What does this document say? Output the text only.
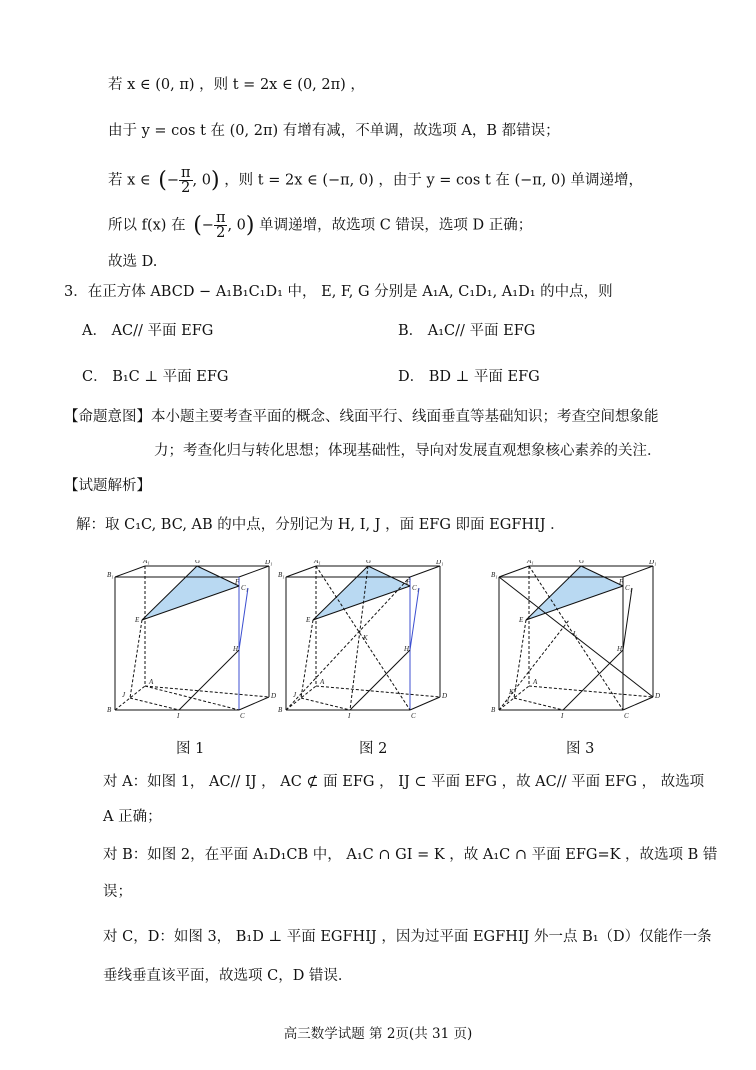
若 x ∈ (0, π) ，则 t = 2x ∈ (0, 2π) ，
由于 y = cos t 在 (0, 2π) 有增有减，不单调，故选项 A，B 都错误；
若 x ∈ (− $\frac{\pi}{2}$ , 0) ，则 t = 2x ∈ (−π, 0) ，由于 y = cos t 在 (−π, 0) 单调递增，
所以 f(x) 在 (− $\frac{\pi}{2}$ , 0) 单调递增，故选项 C 错误，选项 D 正确；
故选 D.
3．在正方体 ABCD − A₁B₁C₁D₁ 中， E, F, G 分别是 A₁A, C₁D₁, A₁D₁ 的中点，则
A． AC// 平面 EFG	B． A₁C// 平面 EFG
C． B₁C ⊥ 平面 EFG	D． BD ⊥ 平面 EFG
【命题意图】本小题主要考查平面的概念、线面平行、线面垂直等基础知识；考查空间想象能
力；考查化归与转化思想；体现基础性，导向对发展直观想象核心素养的关注．
【试题解析】
解：取 C₁C, BC, AB 的中点，分别记为 H, I, J ，面 EFG 即面 EGFHIJ ．
A₁
B₁
C₁
D₁
G
F
E
H
A
B
C
D
J
I
A₁
B₁
C₁
D₁
G
F
E
H
K
A
B
C
D
J
I
A₁
B₁
C₁
D₁
G
F
E
H
L
K
A
B
C
D
J
I
图 1	图 2	图 3
对 A：如图 1， AC// IJ ， AC ⊄ 面 EFG ， IJ ⊂ 平面 EFG ，故 AC// 平面 EFG ， 故选项
A 正确；
对 B：如图 2，在平面 A₁D₁CB 中， A₁C ∩ GI = K ，故 A₁C ∩ 平面 EFG=K ，故选项 B 错
误；
对 C，D：如图 3， B₁D ⊥ 平面 EGFHIJ ，因为过平面 EGFHIJ 外一点 B₁（D）仅能作一条
垂线垂直该平面，故选项 C，D 错误．
高三数学试题 第 2页(共 31 页)
